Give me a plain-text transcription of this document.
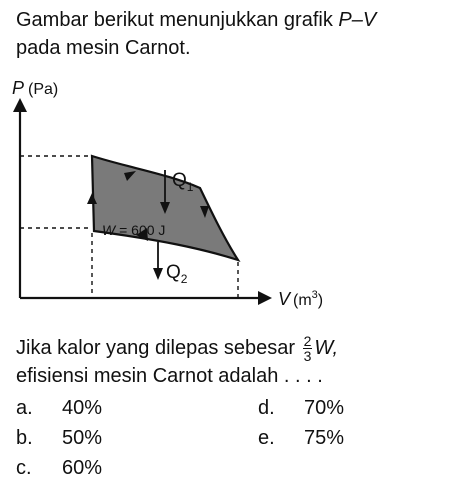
Gambar berikut menunjukkan grafik P–V
pada mesin Carnot.
$Q_1$
$Q_2$
W = 600 J
P (Pa)
V $(m^3)$
Jika kalor yang dilepas sebesar $\frac{2}{3} W$,
efisiensi mesin Carnot adalah . . . .
a. 40%
b. 50%
c. 60%
d. 70%
e. 75%
